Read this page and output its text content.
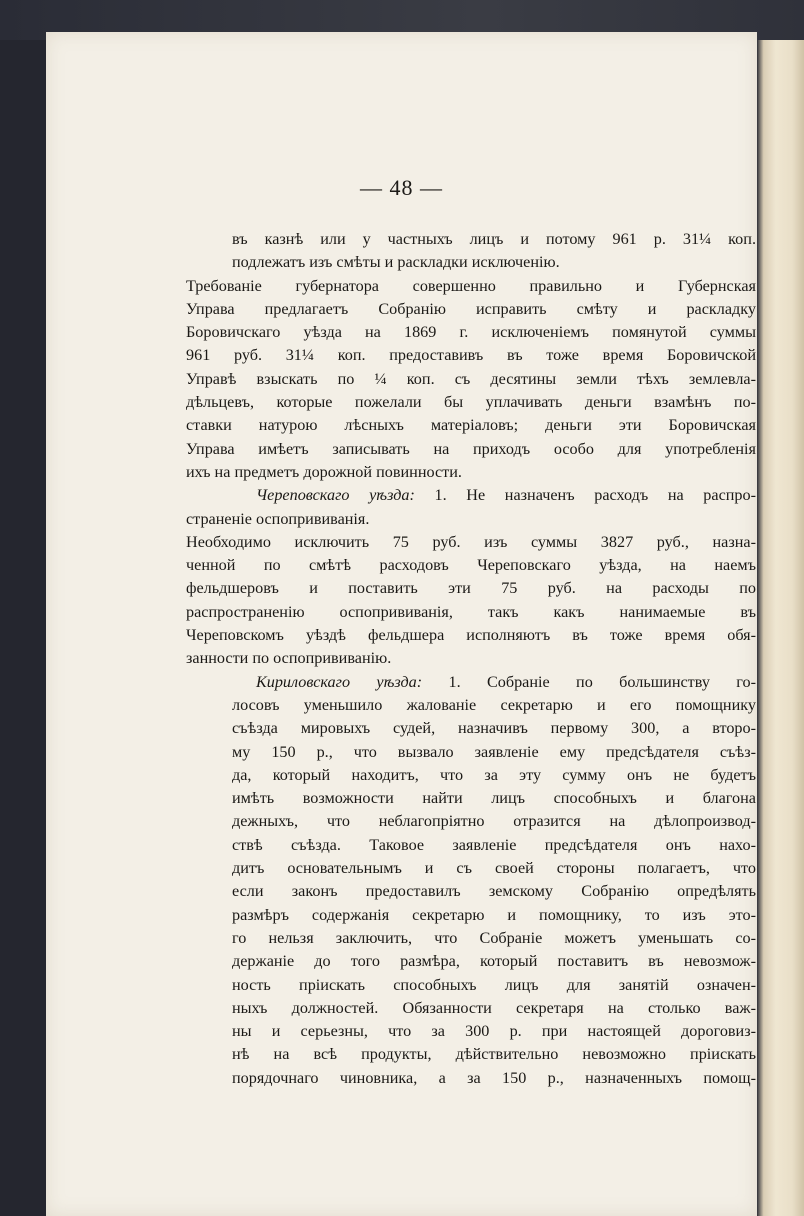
— 48 —
въ казнѣ или у частныхъ лицъ и потому 961 р. 31¼ коп.
подлежатъ изъ смѣты и раскладки исключенію.
Требованіе губернатора совершенно правильно и Губернская
Управа предлагаетъ Собранію исправить смѣту и раскладку
Боровичскаго уѣзда на 1869 г. исключеніемъ помянутой суммы
961 руб. 31¼ коп. предоставивъ въ тоже время Боровичской
Управѣ взыскать по ¼ коп. съ десятины земли тѣхъ землевла-
дѣльцевъ, которые пожелали бы уплачивать деньги взамѣнъ по-
ставки натурою лѣсныхъ матеріаловъ; деньги эти Боровичская
Управа имѣетъ записывать на приходъ особо для употребленія
ихъ на предметъ дорожной повинности.
Череповскаго уѣзда: 1. Не назначенъ расходъ на распро-
страненіе оспопрививанія.
Необходимо исключить 75 руб. изъ суммы 3827 руб., назна-
ченной по смѣтѣ расходовъ Череповскаго уѣзда, на наемъ
фельдшеровъ и поставить эти 75 руб. на расходы по
распространенію оспопрививанія, такъ какъ нанимаемые въ
Череповскомъ уѣздѣ фельдшера исполняютъ въ тоже время обя-
занности по оспопрививанію.
Кириловскаго уѣзда: 1. Собраніе по большинству го-
лосовъ уменьшило жалованіе секретарю и его помощнику
съѣзда мировыхъ судей, назначивъ первому 300, а второ-
му 150 р., что вызвало заявленіе ему предсѣдателя съѣз-
да, который находитъ, что за эту сумму онъ не будетъ
имѣть возможности найти лицъ способныхъ и благона
дежныхъ, что неблагопріятно отразится на дѣлопроизвод-
ствѣ съѣзда. Таковое заявленіе предсѣдателя онъ нахо-
дитъ основательнымъ и съ своей стороны полагаетъ, что
если законъ предоставилъ земскому Собранію опредѣлять
размѣръ содержанія секретарю и помощнику, то изъ это-
го нельзя заключить, что Собраніе можетъ уменьшать со-
держаніе до того размѣра, который поставитъ въ невозмож-
ность пріискать способныхъ лицъ для занятій означен-
ныхъ должностей. Обязанности секретаря на столько важ-
ны и серьезны, что за 300 р. при настоящей дороговиз-
нѣ на всѣ продукты, дѣйствительно невозможно пріискать
порядочнаго чиновника, а за 150 р., назначенныхъ помощ-
